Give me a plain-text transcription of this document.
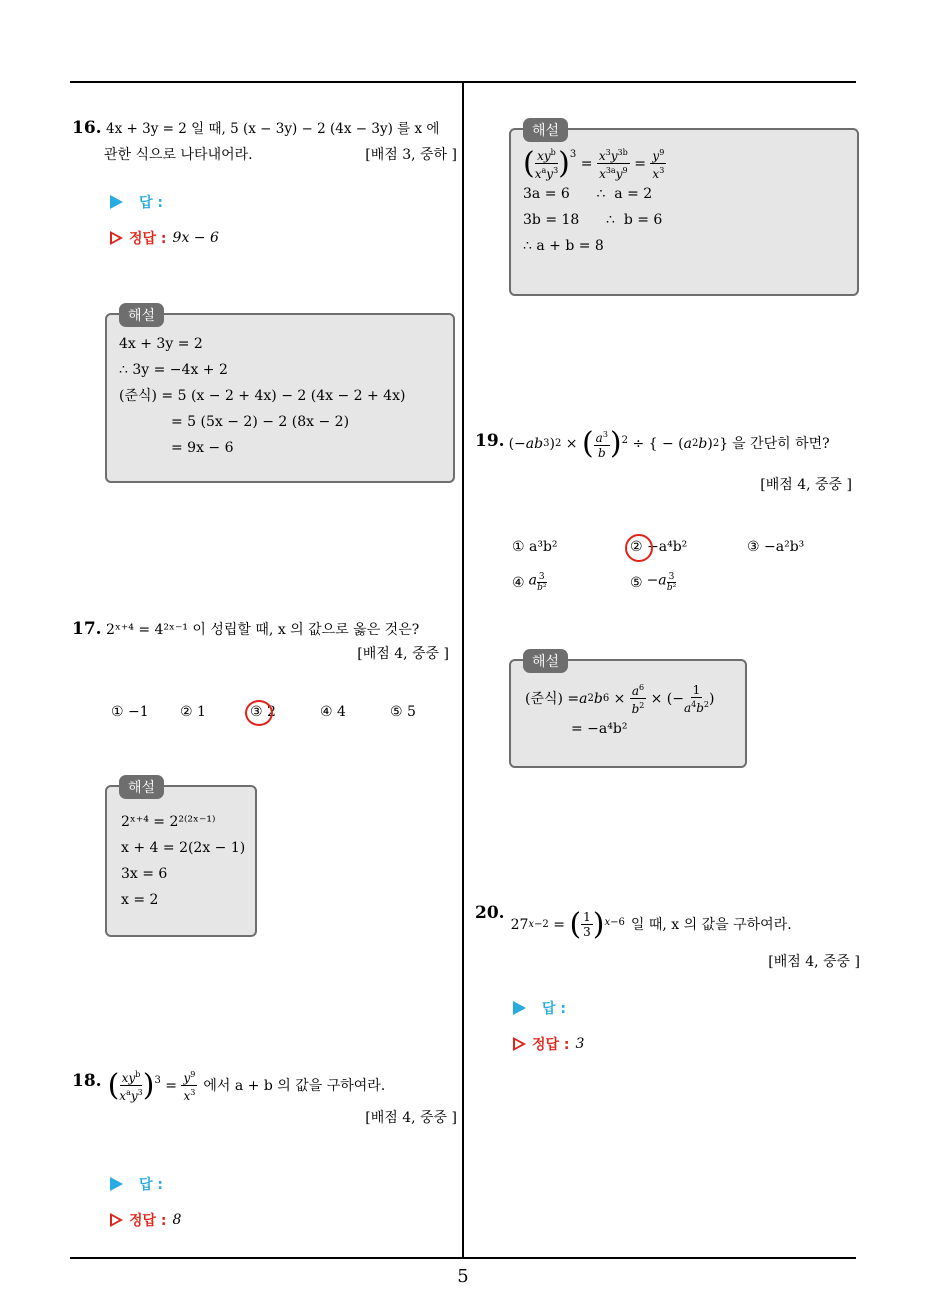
16. 4x + 3y = 2 일 때, 5 (x − 3y) − 2 (4x − 3y) 를 x 에
관한 식으로 나타내어라.	[배점 3, 중하 ]
답 :
정답 : 9x − 6
해설
4x + 3y = 2
∴ 3y = −4x + 2
(준식) = 5 (x − 2 + 4x) − 2 (4x − 2 + 4x)
= 5 (5x − 2) − 2 (8x − 2)
= 9x − 6
17. 2ˣ⁺⁴ = 4²ˣ⁻¹ 이 성립할 때, x 의 값으로 옳은 것은?
[배점 4, 중중 ]
① −1 ② 1	③ 2	④ 4	⑤ 5
해설
2ˣ⁺⁴ = 2²⁽²ˣ⁻¹⁾
x + 4 = 2(2x − 1)
3x = 6
x = 2
18. ( $\frac{xy^b}{x^ay^3}$ ) $3 = \frac{y^9}{x^3}$ 에서 a + b 의 값을 구하여라.
[배점 4, 중중 ]
답 :
정답 : 8
해설
( $\frac{xy^b}{x^ay^3}$ ) 3
= $\frac{x^3y^{3b}}{x^{3a}y^9} = \frac{y^9}{x^3}$
3a = 6      ∴  a = 2
3b = 18      ∴  b = 6
∴ a + b = 8
19. (− ab 3 ) 2 × ( $\frac{a^3}{b}$ ) 2 ÷ { − ( a 2 b ) 2 } 을 간단히 하면?
[배점 4, 중중 ]
① a³b²	② −a⁴b²	③ −a²b³
④ a $\frac{3}{\text{b²}}$	⑤ $-a \frac{3}{\text{b²}}$
해설
(준식) = a 2 b $6 \times \frac{a^6}{b^2}$ × (− $\frac{1}{a^4b^2}$ )
= −a⁴b²
20.
27 x−2 = ( $\frac{1}{3}$ ) x−6 일 때, x 의 값을 구하여라.
[배점 4, 중중 ]
답 :
정답 : 3
5
